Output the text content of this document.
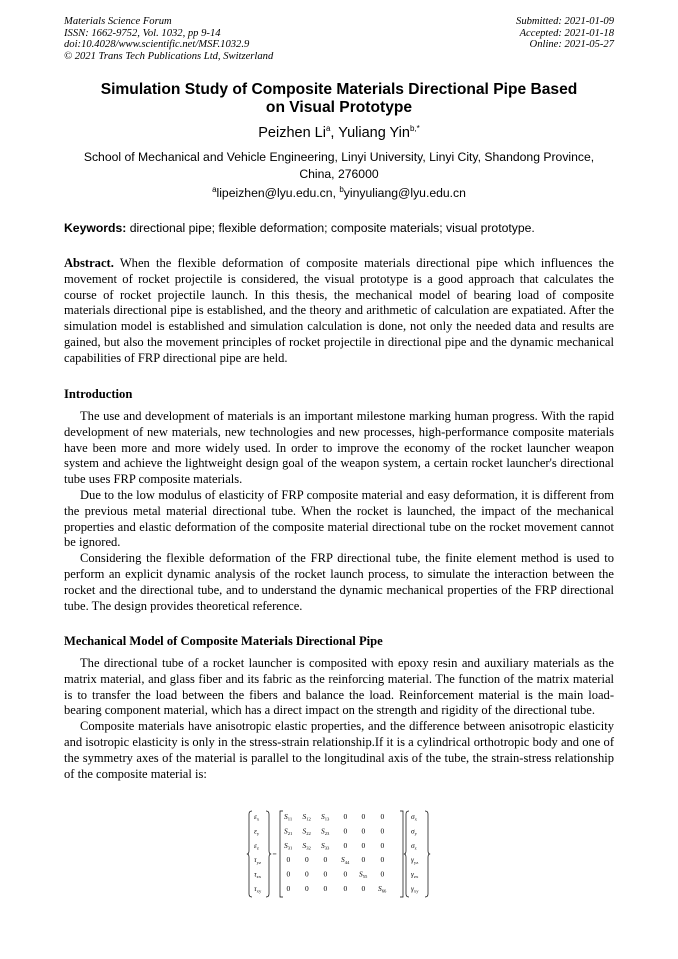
Materials Science Forum
ISSN: 1662-9752, Vol. 1032, pp 9-14
doi:10.4028/www.scientific.net/MSF.1032.9
© 2021 Trans Tech Publications Ltd, Switzerland
Submitted: 2021-01-09
Accepted: 2021-01-18
Online: 2021-05-27
Simulation Study of Composite Materials Directional Pipe Based
on Visual Prototype
Peizhen Li$^a$, Yuliang Yin$^{b,*}$
School of Mechanical and Vehicle Engineering, Linyi University, Linyi City, Shandong Province,
China, 276000
$^a$lipeizhen@lyu.edu.cn, $^b$yinyuliang@lyu.edu.cn
Keywords: directional pipe; flexible deformation; composite materials; visual prototype.

Abstract. When the flexible deformation of composite materials directional pipe which influences the movement of rocket projectile is considered, the visual prototype is a good approach that calculates the course of rocket projectile launch. In this thesis, the mechanical model of bearing load of composite materials directional pipe is established, and the theory and arithmetic of calculation are expatiated. After the simulation model is established and simulation calculation is done, not only the needed data and results are gained, but also the movement principles of rocket projectile in directional pipe and the dynamic mechanical capabilities of FRP directional pipe are held.

Introduction

The use and development of materials is an important milestone marking human progress. With the rapid development of new materials, new technologies and new processes, high-performance composite materials have been more and more widely used. In order to improve the economy of the rocket launcher weapon system and achieve the lightweight design goal of the weapon system, a certain rocket launcher's directional tube uses FRP composite materials.

Due to the low modulus of elasticity of FRP composite material and easy deformation, it is different from the previous metal material directional tube. When the rocket is launched, the impact of the mechanical properties and elastic deformation of the composite material directional tube on the rocket movement cannot be ignored.

Considering the flexible deformation of the FRP directional tube, the finite element method is used to perform an explicit dynamic analysis of the rocket launch process, to simulate the interaction between the rocket and the directional tube, and to understand the dynamic mechanical properties of the FRP directional tube. The design provides theoretical reference.

Mechanical Model of Composite Materials Directional Pipe

The directional tube of a rocket launcher is composited with epoxy resin and auxiliary materials as the matrix material, and glass fiber and its fabric as the reinforcing material. The function of the matrix material is to transfer the load between the fibers and balance the load. Reinforcement material is the main load-bearing component material, which has a direct impact on the strength and rigidity of the directional tube.

Composite materials have anisotropic elastic properties, and the difference between anisotropic elasticity and isotropic elasticity is only in the stress-strain relationship.If it is a cylindrical orthotropic body and one of the symmetry axes of the material is parallel to the longitudinal axis of the tube, the strain-stress relationship of the composite material is:

=
$\varepsilon_x$
$\varepsilon_y$
$\varepsilon_z$
$\tau_{yz}$
$\tau_{zx}$
$\tau_{xy}$
$S_{11}$ $S_{12}$ $S_{13}$ 0 0 0
$S_{21}$ $S_{22}$ $S_{23}$ 0 0 0
$S_{31}$ $S_{32}$ $S_{33}$ 0 0 0
0 0 0 $S_{44}$ 0 0
0 0 0 0 $S_{55}$ 0
0 0 0 0 0 $S_{66}$
$\sigma_x$
$\sigma_y$
$\sigma_z$
$\gamma_{yz}$
$\gamma_{zx}$
$\gamma_{xy}$
